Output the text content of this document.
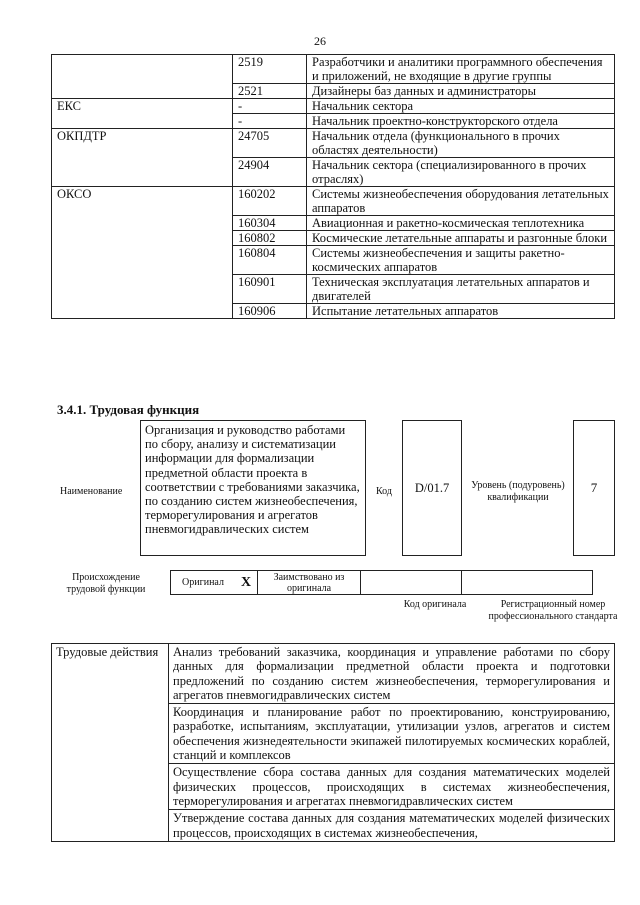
26
	2519	Разработчики и аналитики программного обеспечения и приложений, не входящие в другие группы
	2521	Дизайнеры баз данных и администраторы
ЕКС	-	Начальник сектора
	-	Начальник проектно-конструкторского отдела
ОКПДТР	24705	Начальник отдела (функционального в прочих областях деятельности)
	24904	Начальник сектора (специализированного в прочих отраслях)
ОКСО	160202	Системы жизнеобеспечения оборудования летательных аппаратов
	160304	Авиационная и ракетно-космическая теплотехника
	160802	Космические летательные аппараты и разгонные блоки
	160804	Системы жизнеобеспечения и защиты ракетно-космических аппаратов
	160901	Техническая эксплуатация летательных аппаратов и двигателей
	160906	Испытание летательных аппаратов
3.4.1. Трудовая функция
Наименование
Организация и руководство работами по сбору, анализу и систематизации информации для формализации предметной области проекта в соответствии с требованиями заказчика, по созданию систем жизнеобеспечения, терморегулирования и агрегатов пневмогидравлических систем
Код	D/01.7	Уровень (подуровень) квалификации
7
Происхождение трудовой функции
Оригинал	X	Заимствовано из оригинала		
Код оригинала	Регистрационный номер профессионального стандарта
Трудовые действия	Анализ требований заказчика, координация и управление работами по сбору данных для формализации предметной области проекта и подготовки предложений по созданию систем жизнеобеспечения, терморегулирования и агрегатов пневмогидравлических систем
Координация и планирование работ по проектированию, конструированию, разработке, испытаниям, эксплуатации, утилизации узлов, агрегатов и систем обеспечения жизнедеятельности экипажей пилотируемых космических кораблей, станций и комплексов
Осуществление сбора состава данных для создания математических моделей физических процессов, происходящих в системах жизнеобеспечения, терморегулирования и агрегатах пневмогидравлических систем
Утверждение состава данных для создания математических моделей физических процессов, происходящих в системах жизнеобеспечения,
